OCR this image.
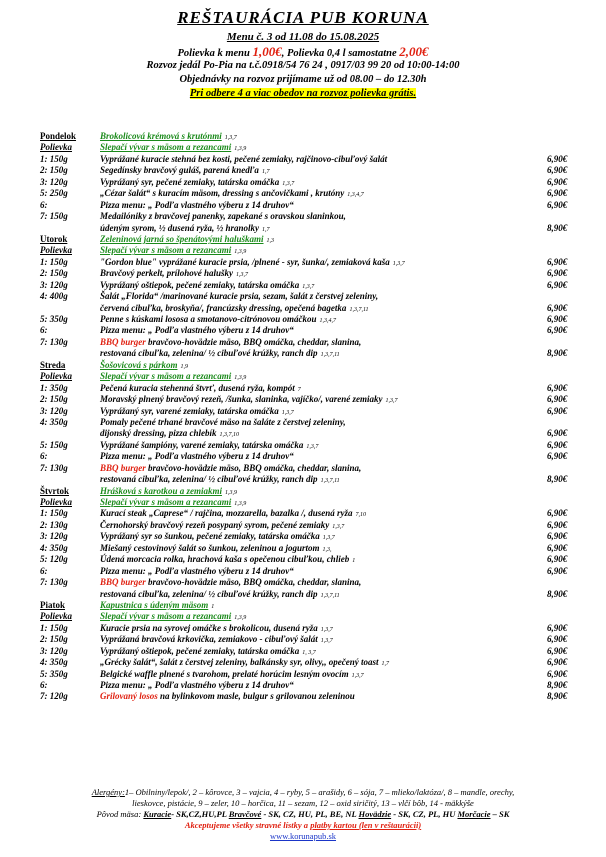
REŠTAURÁCIA PUB KORUNA
Menu č. 3 od 11.08 do 15.08.2025
Polievka k menu 1,00€, Polievka 0,4 l samostatne 2,00€
Rozvoz jedál Po-Pia na t.č.0918/54 76 24 , 0917/03 99 20 od 10:00-14:00
Objednávky na rozvoz prijímame už od 08.00 – do 12.30h
Pri odbere 4 a viac obedov na rozvoz polievka grátis.
Pondelok	Brokolicová krémová s krutónmi 1,3,7
Polievka	Slepačí vývar s mäsom a rezancami 1,3,9
1: 150g	Vyprážané kuracie stehná bez kosti, pečené zemiaky, rajčinovo-cibuľový šalát	6,90€
2: 150g	Segedínsky bravčový guláš, parená knedľa 1,7	6,90€
3: 120g	Vyprážaný syr, pečené zemiaky, tatárska omáčka 1,3,7	6,90€
5: 250g	„Cézar šalát“ s kuracím mäsom, dressing s ančovičkami , krutóny 1,3,4,7	6,90€
6:	Pizza menu: „ Podľa vlastného výberu z 14 druhov“	6,90€
7: 150g	Medailóniky z bravčovej panenky, zapekané s oravskou slaninkou,
údeným syrom, ½ dusená ryža, ½ hranolky 1,7	8,90€
Utorok	Zeleninová jarná so špenátovými haluškami 1,3
Polievka	Slepačí vývar s mäsom a rezancami 1,3,9
1: 150g	"Gordon blue" vyprážané kuracie prsia, /plnené - syr, šunka/, zemiaková kaša 1,3,7	6,90€
2: 150g	Bravčový perkelt, prílohové halušky 1,3,7	6,90€
3: 120g	Vyprážaný oštiepok, pečené zemiaky, tatárska omáčka 1,3,7	6,90€
4: 400g	Šalát „Florida“ /marinované kuracie prsia, sezam, šalát z čerstvej zeleniny,
červená cibuľka, broskyňa/, francúzsky dressing, opečená bagetka 1,3,7,11	6,90€
5: 350g	Penne s kúskami lososa a smotanovo-citrónovou omáčkou 1,3,4,7	6,90€
6:	Pizza menu: „ Podľa vlastného výberu z 14 druhov“	6,90€
7: 130g	BBQ burger bravčovo-hovädzie mäso, BBQ omáčka, cheddar, slanina,
restovaná cibuľka, zelenina/ ½ cibuľové krúžky, ranch dip 1,3,7,11	8,90€
Streda	Šošovicová s párkom 1,9
Polievka	Slepačí vývar s mäsom a rezancami 1,3,9
1: 350g	Pečená kuracia stehenná štvrť, dusená ryža, kompót 7	6,90€
2: 150g	Moravský plnený bravčový rezeň, /šunka, slaninka, vajíčko/, varené zemiaky 1,3,7	6,90€
3: 120g	Vyprážaný syr, varené zemiaky, tatárska omáčka 1,3,7	6,90€
4: 350g	Pomaly pečené trhané bravčové mäso na šaláte z čerstvej zeleniny,
dijonský dressing, pizza chlebík 1,3,7,10	6,90€
5: 150g	Vyprážané šampióny, varené zemiaky, tatárska omáčka 1,3,7	6,90€
6:	Pizza menu: „ Podľa vlastného výberu z 14 druhov“	6,90€
7: 130g	BBQ burger bravčovo-hovädzie mäso, BBQ omáčka, cheddar, slanina,
restovaná cibuľka, zelenina/ ½ cibuľové krúžky, ranch dip 1,3,7,11	8,90€
Štvrtok	Hrášková s karotkou a zemiakmi 1,3,9
Polievka	Slepačí vývar s mäsom a rezancami 1,3,9
1: 150g	Kurací steak „Caprese“ / rajčina, mozzarella, bazalka /, dusená ryža 7,10	6,90€
2: 130g	Černohorský bravčový rezeň posypaný syrom, pečené zemiaky 1,3,7	6,90€
3: 120g	Vyprážaný syr so šunkou, pečené zemiaky, tatárska omáčka 1,3,7	6,90€
4: 350g	Miešaný cestovinový šalát so šunkou, zeleninou a jogurtom 1,3,	6,90€
5: 120g	Údená morcacia rolka, hrachová kaša s opečenou cibuľkou, chlieb 1	6,90€
6:	Pizza menu: „ Podľa vlastného výberu z 14 druhov“	6,90€
7: 130g	BBQ burger bravčovo-hovädzie mäso, BBQ omáčka, cheddar, slanina,
restovaná cibuľka, zelenina/ ½ cibuľové krúžky, ranch dip 1,3,7,11	8,90€
Piatok	Kapustnica s údeným mäsom 1
Polievka	Slepačí vývar s mäsom a rezancami 1,3,9
1: 150g	Kuracie prsia na syrovej omáčke s brokolicou, dusená ryža 1,3,7	6,90€
2: 150g	Vyprážaná bravčová krkovička, zemiakovo - cibuľový šalát 1,3,7	6,90€
3: 120g	Vyprážaný oštiepok, pečené zemiaky, tatárska omáčka 1, 3,7	6,90€
4: 350g	„Grécky šalát“, šalát z čerstvej zeleniny, balkánsky syr, olivy,, opečený toast 1,7	6,90€
5: 350g	Belgické waffle plnené s tvarohom, prelaté horúcim lesným ovocím 1,3,7	6,90€
6:	Pizza menu: „ Podľa vlastného výberu z 14 druhov“	8,90€
7: 120g	Grilovaný losos na bylinkovom masle, bulgur s grilovanou zeleninou	8,90€
Alergény:1– Obilniny/lepok/, 2 – kôrovce, 3 – vajcia, 4 – ryby, 5 – arašidy, 6 – sója, 7 – mlieko/laktóza/, 8 – mandle, orechy,
lieskovce, pistácie, 9 – zeler, 10 – horčica, 11 – sezam, 12 – oxid siričitý, 13 – vlčí bôb, 14 - mäkkýše
Pôvod mäsa: Kuracie- SK,CZ,HU,PL Bravčové - SK, CZ, HU, PL, BE, NL Hovädzie - SK, CZ, PL, HU Morčacie – SK
Akceptujeme všetky stravné lístky a platby kartou (len v reštaurácii)
www.korunapub.sk
